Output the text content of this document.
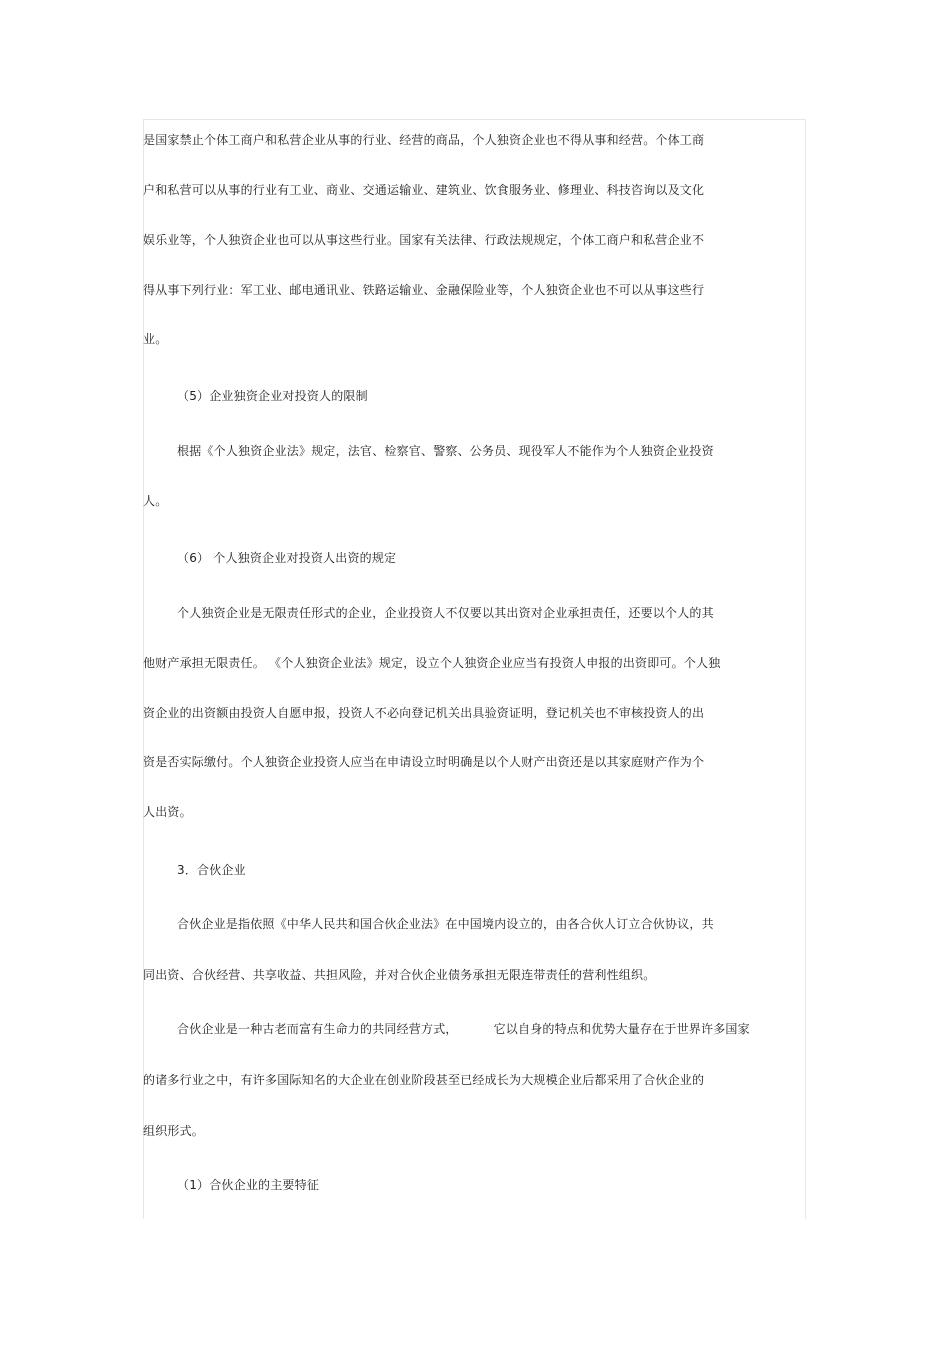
是国家禁止个体工商户和私营企业从事的行业、经营的商品，个人独资企业也不得从事和经营。个体工商
户和私营可以从事的行业有工业、商业、交通运输业、建筑业、饮食服务业、修理业、科技咨询以及文化
娱乐业等，个人独资企业也可以从事这些行业。国家有关法律、行政法规规定，个体工商户和私营企业不
得从事下列行业：军工业、邮电通讯业、铁路运输业、金融保险业等，个人独资企业也不可以从事这些行
业。
（5）企业独资企业对投资人的限制
根据《个人独资企业法》规定，法官、检察官、警察、公务员、现役军人不能作为个人独资企业投资
人。
（6） 个人独资企业对投资人出资的规定
个人独资企业是无限责任形式的企业，企业投资人不仅要以其出资对企业承担责任，还要以个人的其
他财产承担无限责任。 《个人独资企业法》规定，设立个人独资企业应当有投资人申报的出资即可。个人独
资企业的出资额由投资人自愿申报，投资人不必向登记机关出具验资证明，登记机关也不审核投资人的出
资是否实际缴付。个人独资企业投资人应当在申请设立时明确是以个人财产出资还是以其家庭财产作为个
人出资。
3．合伙企业
合伙企业是指依照《中华人民共和国合伙企业法》在中国境内设立的，由各合伙人订立合伙协议，共
同出资、合伙经营、共享收益、共担风险，并对合伙企业债务承担无限连带责任的营利性组织。
合伙企业是一种古老而富有生命力的共同经营方式，	它以自身的特点和优势大量存在于世界许多国家
的诸多行业之中，有许多国际知名的大企业在创业阶段甚至已经成长为大规模企业后都采用了合伙企业的
组织形式。
（1）合伙企业的主要特征
